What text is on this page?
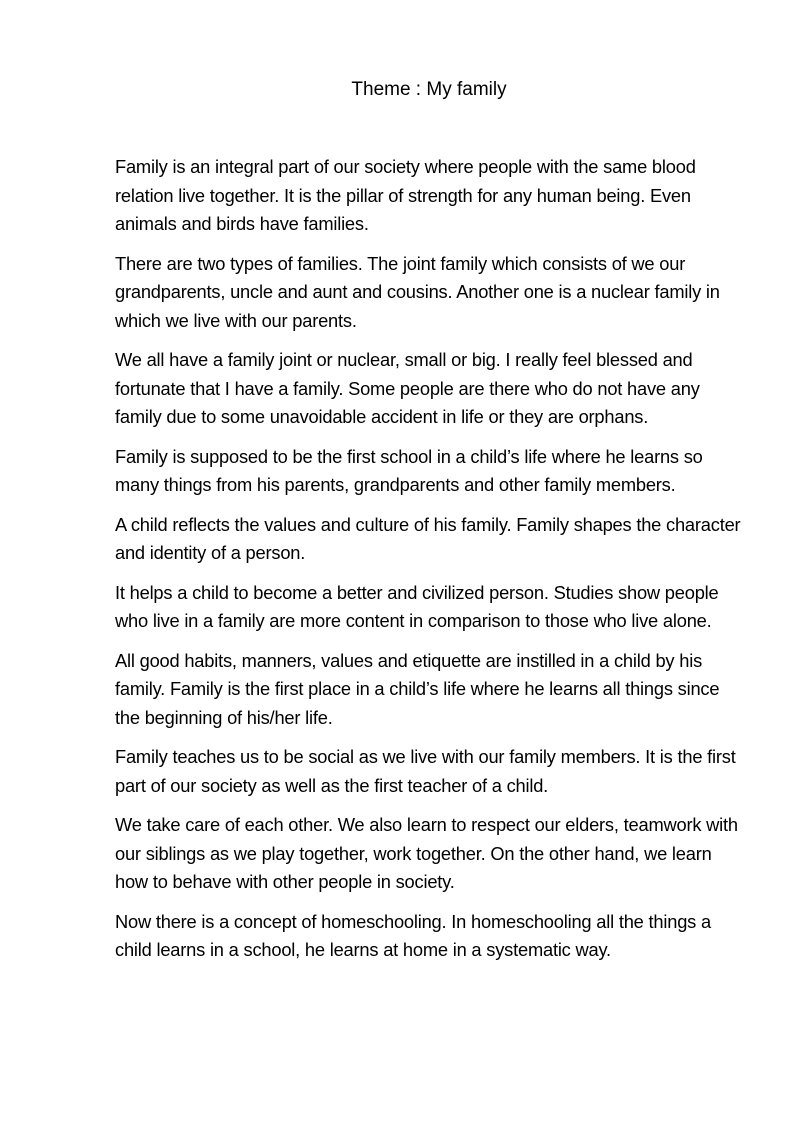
Theme : My family

Family is an integral part of our society where people with the same blood relation live together. It is the pillar of strength for any human being. Even animals and birds have families.

There are two types of families. The joint family which consists of we our grandparents, uncle and aunt and cousins. Another one is a nuclear family in which we live with our parents.

We all have a family joint or nuclear, small or big. I really feel blessed and fortunate that I have a family. Some people are there who do not have any family due to some unavoidable accident in life or they are orphans.

Family is supposed to be the first school in a child’s life where he learns so many things from his parents, grandparents and other family members.

A child reflects the values and culture of his family. Family shapes the character and identity of a person.

It helps a child to become a better and civilized person. Studies show people who live in a family are more content in comparison to those who live alone.

All good habits, manners, values and etiquette are instilled in a child by his family. Family is the first place in a child’s life where he learns all things since the beginning of his/her life.

Family teaches us to be social as we live with our family members. It is the first part of our society as well as the first teacher of a child.

We take care of each other. We also learn to respect our elders, teamwork with our siblings as we play together, work together. On the other hand, we learn how to behave with other people in society.

Now there is a concept of homeschooling. In homeschooling all the things a child learns in a school, he learns at home in a systematic way.
